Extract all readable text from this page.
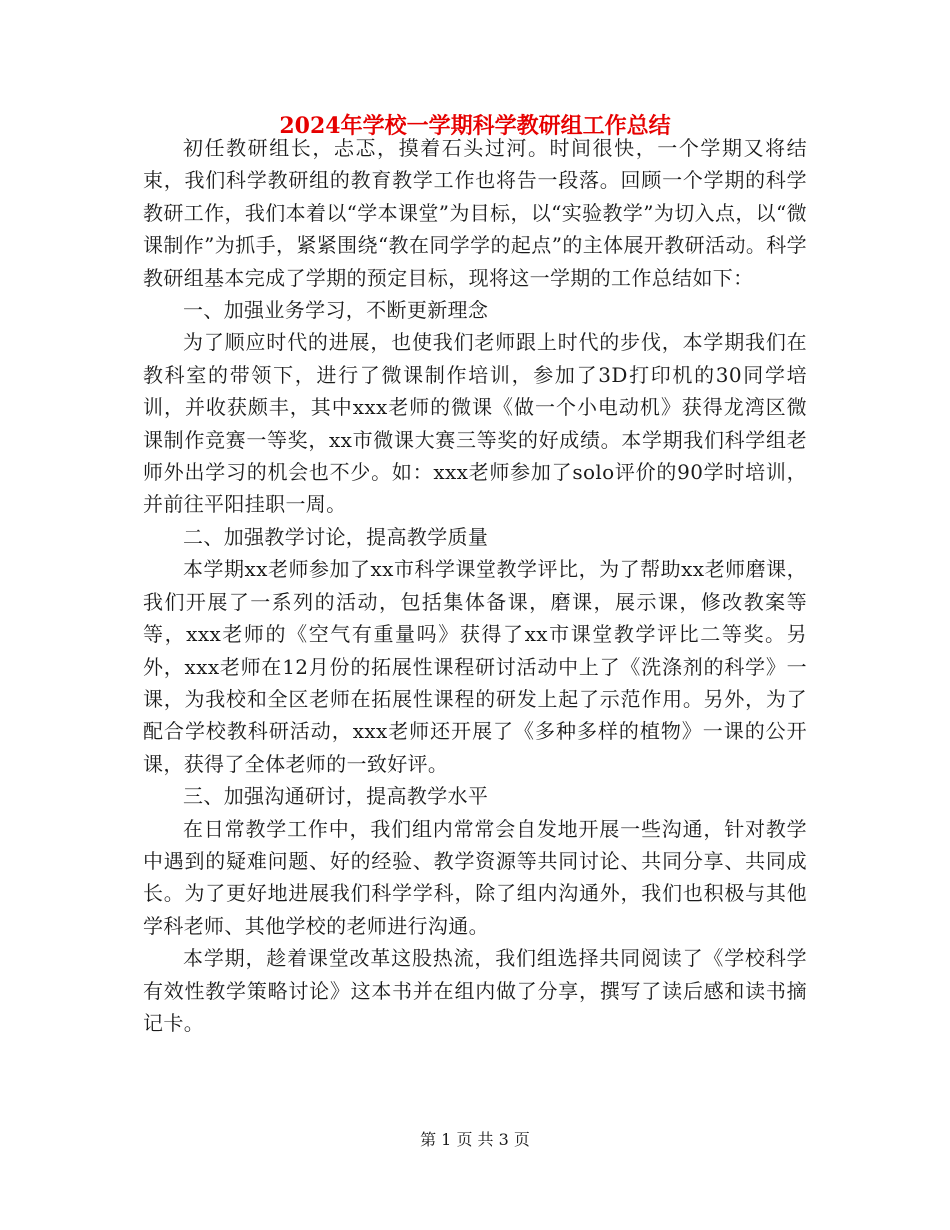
2024年学校一学期科学教研组工作总结

初任教研组长，忐忑，摸着石头过河。时间很快，一个学期又将结束，我们科学教研组的教育教学工作也将告一段落。回顾一个学期的科学教研工作，我们本着以“学本课堂”为目标，以“实验教学”为切入点，以“微课制作”为抓手，紧紧围绕“教在同学学的起点”的主体展开教研活动。科学教研组基本完成了学期的预定目标，现将这一学期的工作总结如下：

一、加强业务学习，不断更新理念

为了顺应时代的进展，也使我们老师跟上时代的步伐，本学期我们在教科室的带领下，进行了微课制作培训，参加了3D打印机的30同学培训，并收获颇丰，其中xxx老师的微课《做一个小电动机》获得龙湾区微课制作竞赛一等奖，xx市微课大赛三等奖的好成绩。本学期我们科学组老师外出学习的机会也不少。如：xxx老师参加了solo评价的90学时培训，并前往平阳挂职一周。

二、加强教学讨论，提高教学质量

本学期xx老师参加了xx市科学课堂教学评比，为了帮助xx老师磨课，我们开展了一系列的活动，包括集体备课，磨课，展示课，修改教案等等，xxx老师的《空气有重量吗》获得了xx市课堂教学评比二等奖。另外，xxx老师在12月份的拓展性课程研讨活动中上了《洗涤剂的科学》一课，为我校和全区老师在拓展性课程的研发上起了示范作用。另外，为了配合学校教科研活动，xxx老师还开展了《多种多样的植物》一课的公开课，获得了全体老师的一致好评。

三、加强沟通研讨，提高教学水平

在日常教学工作中，我们组内常常会自发地开展一些沟通，针对教学中遇到的疑难问题、好的经验、教学资源等共同讨论、共同分享、共同成长。为了更好地进展我们科学学科，除了组内沟通外，我们也积极与其他学科老师、其他学校的老师进行沟通。

本学期，趁着课堂改革这股热流，我们组选择共同阅读了《学校科学有效性教学策略讨论》这本书并在组内做了分享，撰写了读后感和读书摘记卡。

第 1 页 共 3 页
